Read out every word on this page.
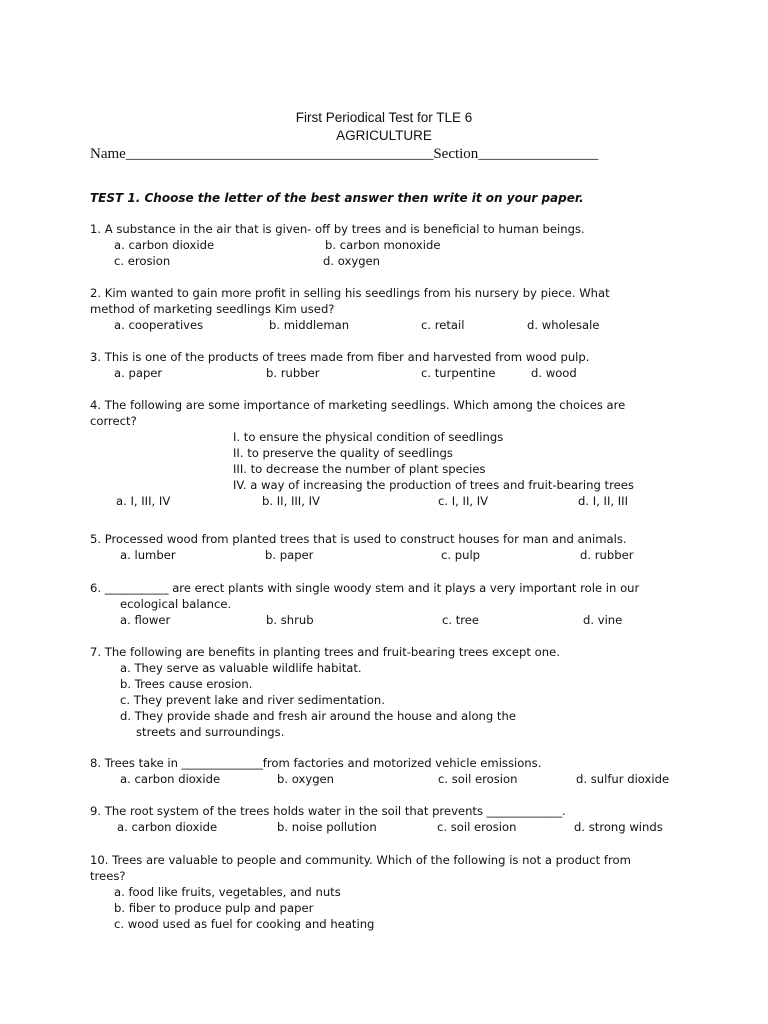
First Periodical Test for TLE 6
AGRICULTURE
Name_________________________________________Section________________
TEST 1. Choose the letter of the best answer then write it on your paper.
1. A substance in the air that is given- off by trees and is beneficial to human beings.
a. carbon dioxide	b. carbon monoxide
c. erosion	d. oxygen
2. Kim wanted to gain more profit in selling his seedlings from his nursery by piece. What
method of marketing seedlings Kim used?
a. cooperatives	b. middleman	c. retail	d. wholesale
3. This is one of the products of trees made from fiber and harvested from wood pulp.
a. paper	b. rubber	c. turpentine	d. wood
4. The following are some importance of marketing seedlings. Which among the choices are
correct?
I. to ensure the physical condition of seedlings
II. to preserve the quality of seedlings
III. to decrease the number of plant species
IV. a way of increasing the production of trees and fruit-bearing trees
a. I, III, IV	b. II, III, IV	c. I, II, IV	d. I, II, III
5. Processed wood from planted trees that is used to construct houses for man and animals.
a. lumber	b. paper	c. pulp	d. rubber
6. ___________ are erect plants with single woody stem and it plays a very important role in our
ecological balance.
a. flower	b. shrub	c. tree	d. vine
7. The following are benefits in planting trees and fruit-bearing trees except one.
a. They serve as valuable wildlife habitat.
b. Trees cause erosion.
c. They prevent lake and river sedimentation.
d. They provide shade and fresh air around the house and along the
streets and surroundings.
8. Trees take in ______________from factories and motorized vehicle emissions.
a. carbon dioxide	b. oxygen	c. soil erosion	d. sulfur dioxide
9. The root system of the trees holds water in the soil that prevents _____________.
a. carbon dioxide	b. noise pollution	c. soil erosion	d. strong winds
10. Trees are valuable to people and community. Which of the following is not a product from
trees?
a. food like fruits, vegetables, and nuts
b. fiber to produce pulp and paper
c. wood used as fuel for cooking and heating
